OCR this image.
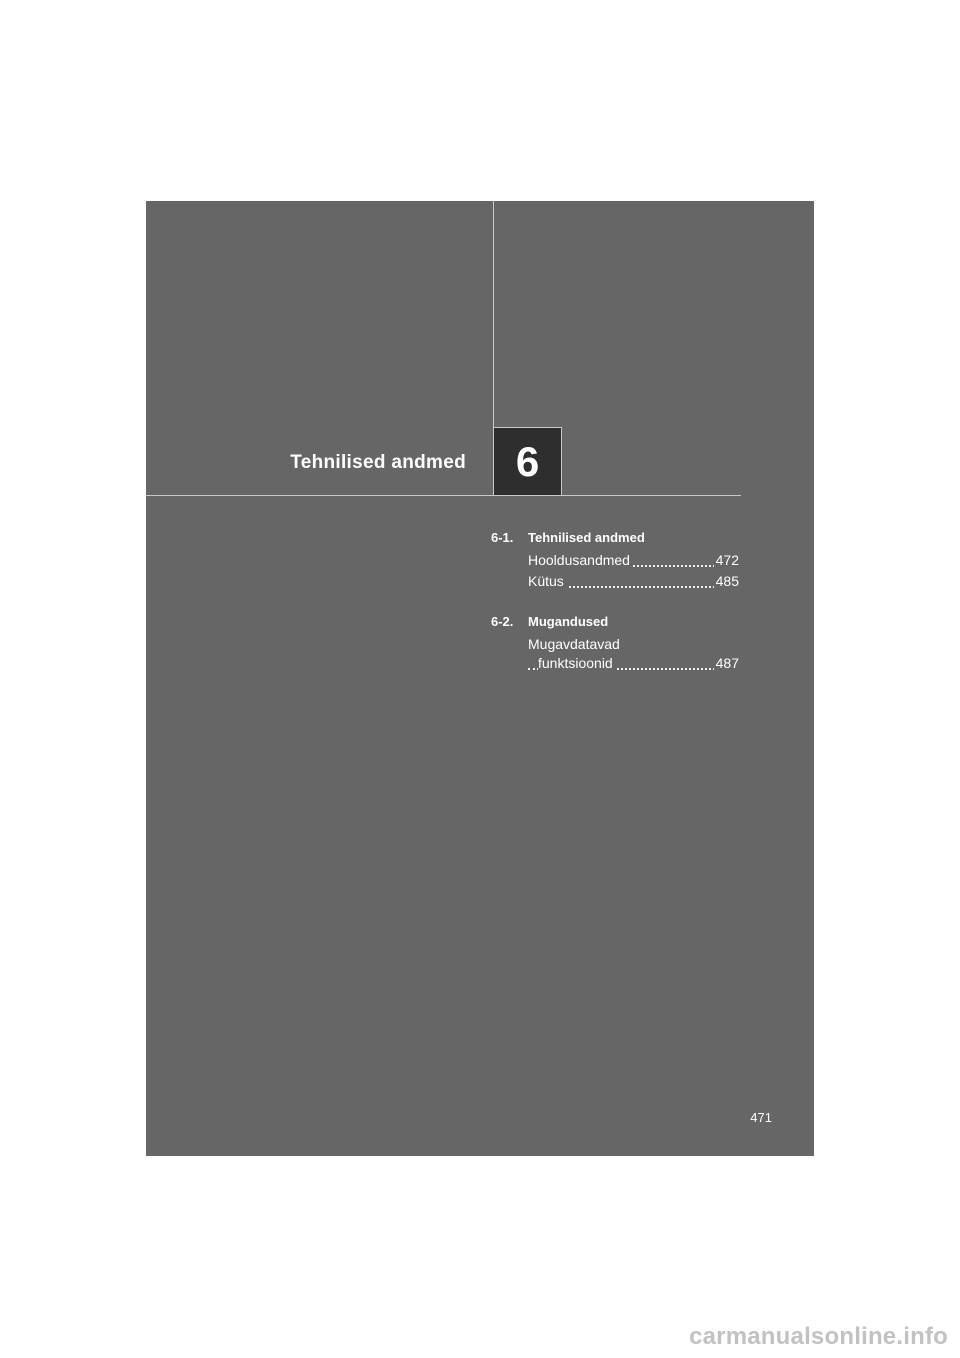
Tehnilised andmed 6
6-1. Tehnilised andmed
Hooldusandmed	472
Kütus	485
6-2. Mugandused
Mugavdatavad
funktsioonid	487
471
carmanualsonline.info
